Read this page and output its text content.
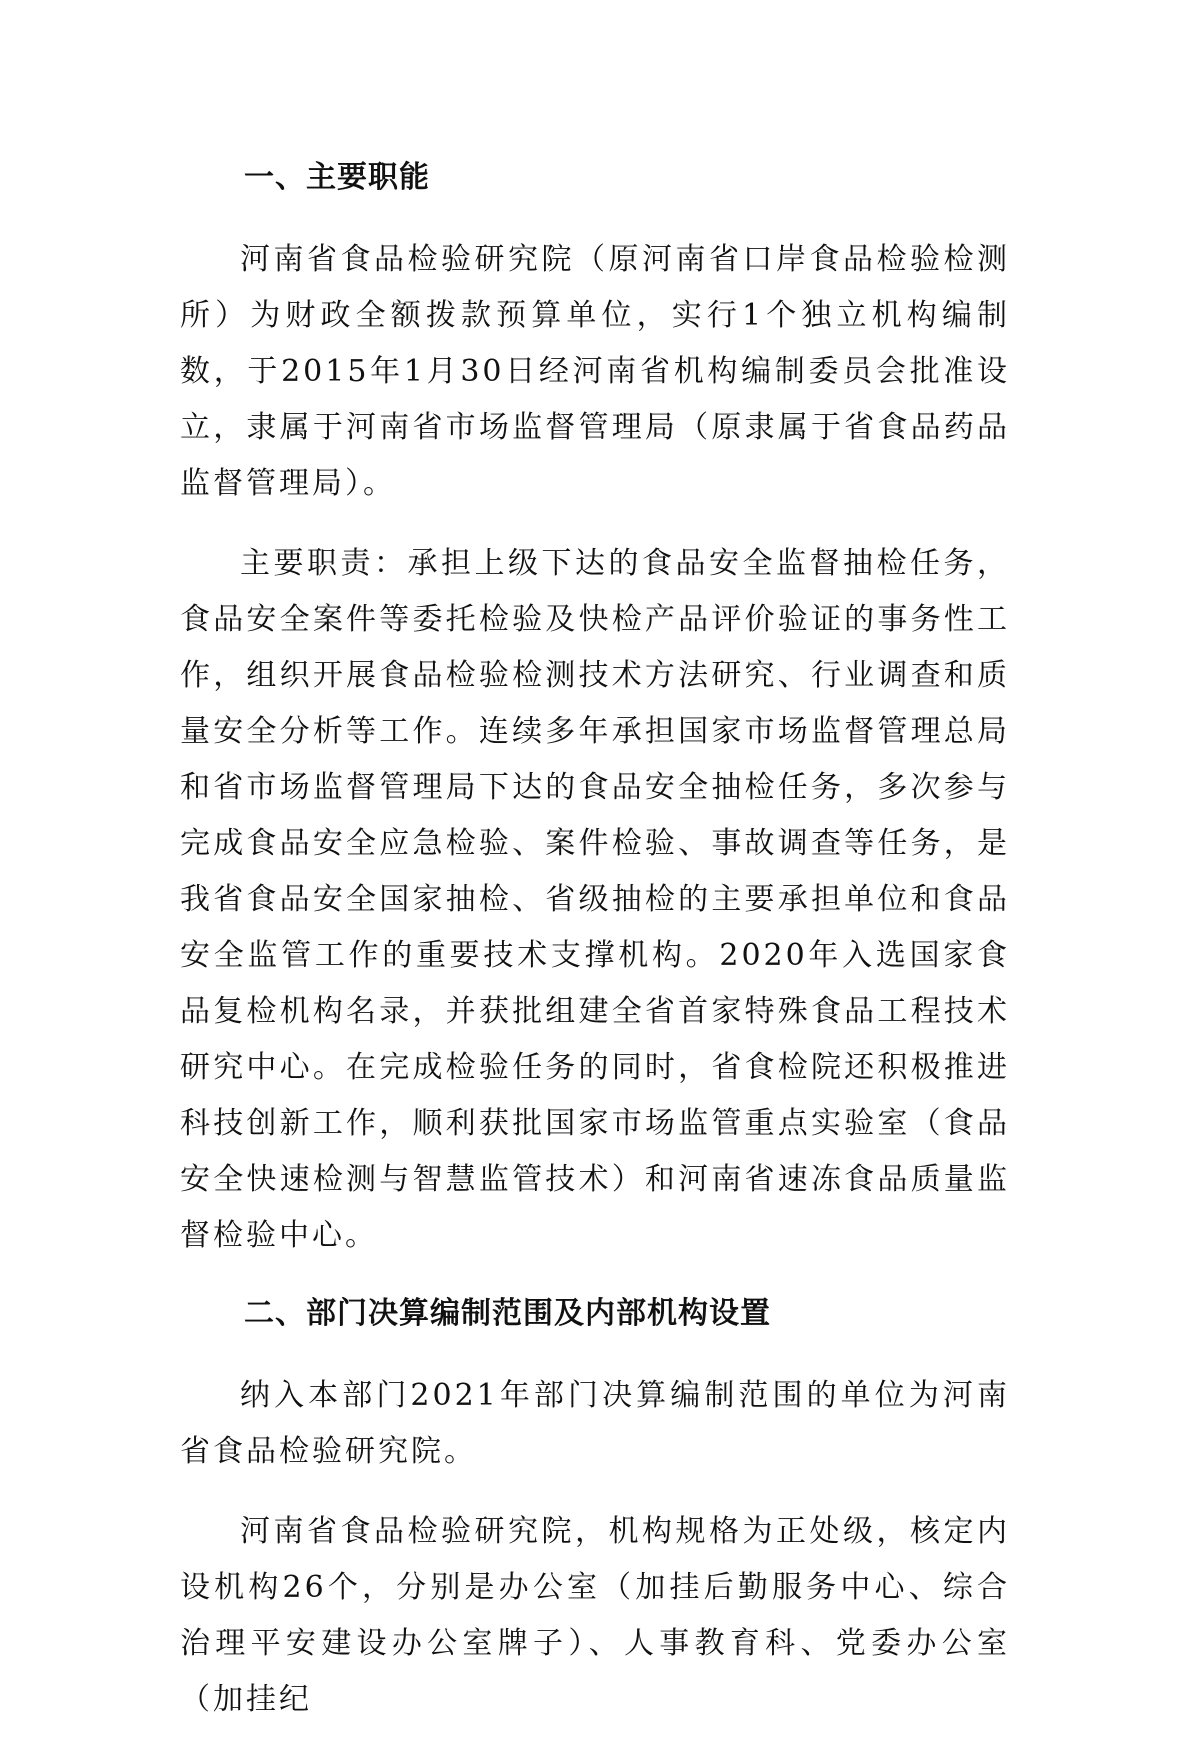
一、主要职能

河南省食品检验研究院（原河南省口岸食品检验检测所）为财政全额拨款预算单位，实行1个独立机构编制数，于2015年1月30日经河南省机构编制委员会批准设立，隶属于河南省市场监督管理局（原隶属于省食品药品监督管理局）。

主要职责：承担上级下达的食品安全监督抽检任务，食品安全案件等委托检验及快检产品评价验证的事务性工作，组织开展食品检验检测技术方法研究、行业调查和质量安全分析等工作。连续多年承担国家市场监督管理总局和省市场监督管理局下达的食品安全抽检任务，多次参与完成食品安全应急检验、案件检验、事故调查等任务，是我省食品安全国家抽检、省级抽检的主要承担单位和食品安全监管工作的重要技术支撑机构。2020年入选国家食品复检机构名录，并获批组建全省首家特殊食品工程技术研究中心。在完成检验任务的同时，省食检院还积极推进科技创新工作，顺利获批国家市场监管重点实验室（食品安全快速检测与智慧监管技术）和河南省速冻食品质量监督检验中心。

二、部门决算编制范围及内部机构设置

纳入本部门2021年部门决算编制范围的单位为河南省食品检验研究院。

河南省食品检验研究院，机构规格为正处级，核定内设机构26个，分别是办公室（加挂后勤服务中心、综合治理平安建设办公室牌子）、人事教育科、党委办公室（加挂纪
